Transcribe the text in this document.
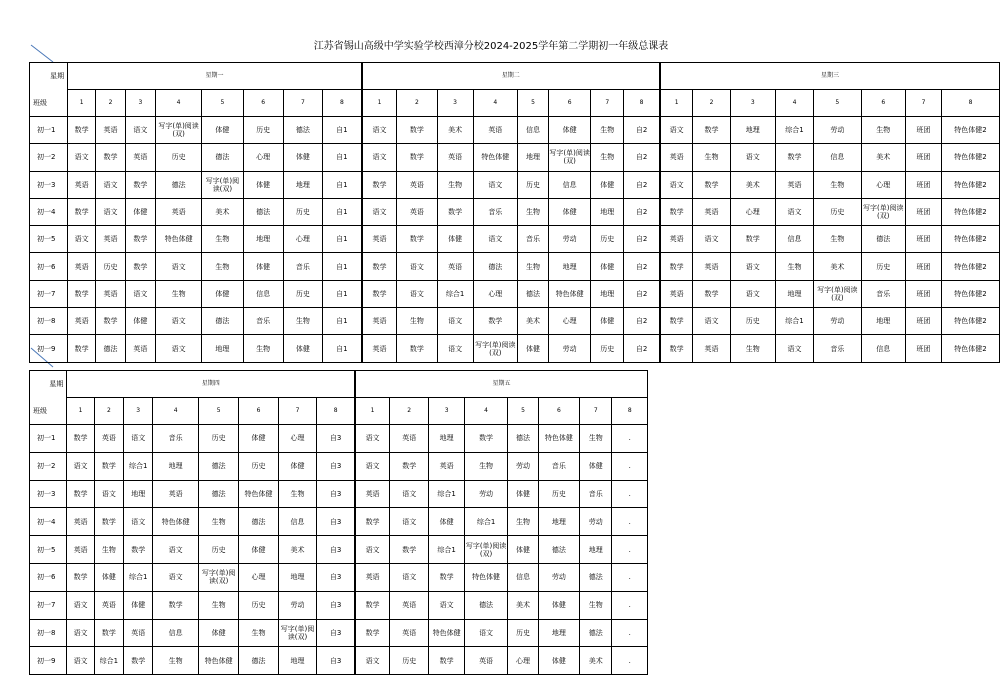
江苏省锡山高级中学实验学校西漳分校2024-2025学年第二学期初一年级总课表
星期	星期一								星期二								星期三							
班级	1	2	3	4	5	6	7	8	1	2	3	4	5	6	7	8	1	2	3	4	5	6	7	8
初一1	数学	英语	语文	写字(单)阅读(双)	体健	历史	德法	自1	语文	数学	美术	英语	信息	体健	生物	自2	语文	数学	地理	综合1	劳动	生物	班团	特色体健2
初一2	语文	数学	英语	历史	德法	心理	体健	自1	语文	数学	英语	特色体健	地理	写字(单)阅读(双)	生物	自2	英语	生物	语文	数学	信息	美术	班团	特色体健2
初一3	英语	语文	数学	德法	写字(单)阅读(双)	体健	地理	自1	数学	英语	生物	语文	历史	信息	体健	自2	语文	数学	美术	英语	生物	心理	班团	特色体健2
初一4	数学	语文	体健	英语	美术	德法	历史	自1	语文	英语	数学	音乐	生物	体健	地理	自2	数学	英语	心理	语文	历史	写字(单)阅读(双)	班团	特色体健2
初一5	语文	英语	数学	特色体健	生物	地理	心理	自1	英语	数学	体健	语文	音乐	劳动	历史	自2	英语	语文	数学	信息	生物	德法	班团	特色体健2
初一6	英语	历史	数学	语文	生物	体健	音乐	自1	数学	语文	英语	德法	生物	地理	体健	自2	数学	英语	语文	生物	美术	历史	班团	特色体健2
初一7	数学	英语	语文	生物	体健	信息	历史	自1	数学	语文	综合1	心理	德法	特色体健	地理	自2	英语	数学	语文	地理	写字(单)阅读(双)	音乐	班团	特色体健2
初一8	英语	数学	体健	语文	德法	音乐	生物	自1	英语	生物	语文	数学	美术	心理	体健	自2	数学	语文	历史	综合1	劳动	地理	班团	特色体健2
初一9	数学	德法	英语	语文	地理	生物	体健	自1	英语	数学	语文	写字(单)阅读(双)	体健	劳动	历史	自2	数学	英语	生物	语文	音乐	信息	班团	特色体健2
星期	星期四								星期五							
班级	1	2	3	4	5	6	7	8	1	2	3	4	5	6	7	8
初一1	数学	英语	语文	音乐	历史	体健	心理	自3	语文	英语	地理	数学	德法	特色体健	生物	.
初一2	语文	数学	综合1	地理	德法	历史	体健	自3	语文	数学	英语	生物	劳动	音乐	体健	.
初一3	数学	语文	地理	英语	德法	特色体健	生物	自3	英语	语文	综合1	劳动	体健	历史	音乐	.
初一4	英语	数学	语文	特色体健	生物	德法	信息	自3	数学	语文	体健	综合1	生物	地理	劳动	.
初一5	英语	生物	数学	语文	历史	体健	美术	自3	语文	数学	综合1	写字(单)阅读(双)	体健	德法	地理	.
初一6	数学	体健	综合1	语文	写字(单)阅读(双)	心理	地理	自3	英语	语文	数学	特色体健	信息	劳动	德法	.
初一7	语文	英语	体健	数学	生物	历史	劳动	自3	数学	英语	语文	德法	美术	体健	生物	.
初一8	语文	数学	英语	信息	体健	生物	写字(单)阅读(双)	自3	数学	英语	特色体健	语文	历史	地理	德法	.
初一9	语文	综合1	数学	生物	特色体健	德法	地理	自3	语文	历史	数学	英语	心理	体健	美术	.
